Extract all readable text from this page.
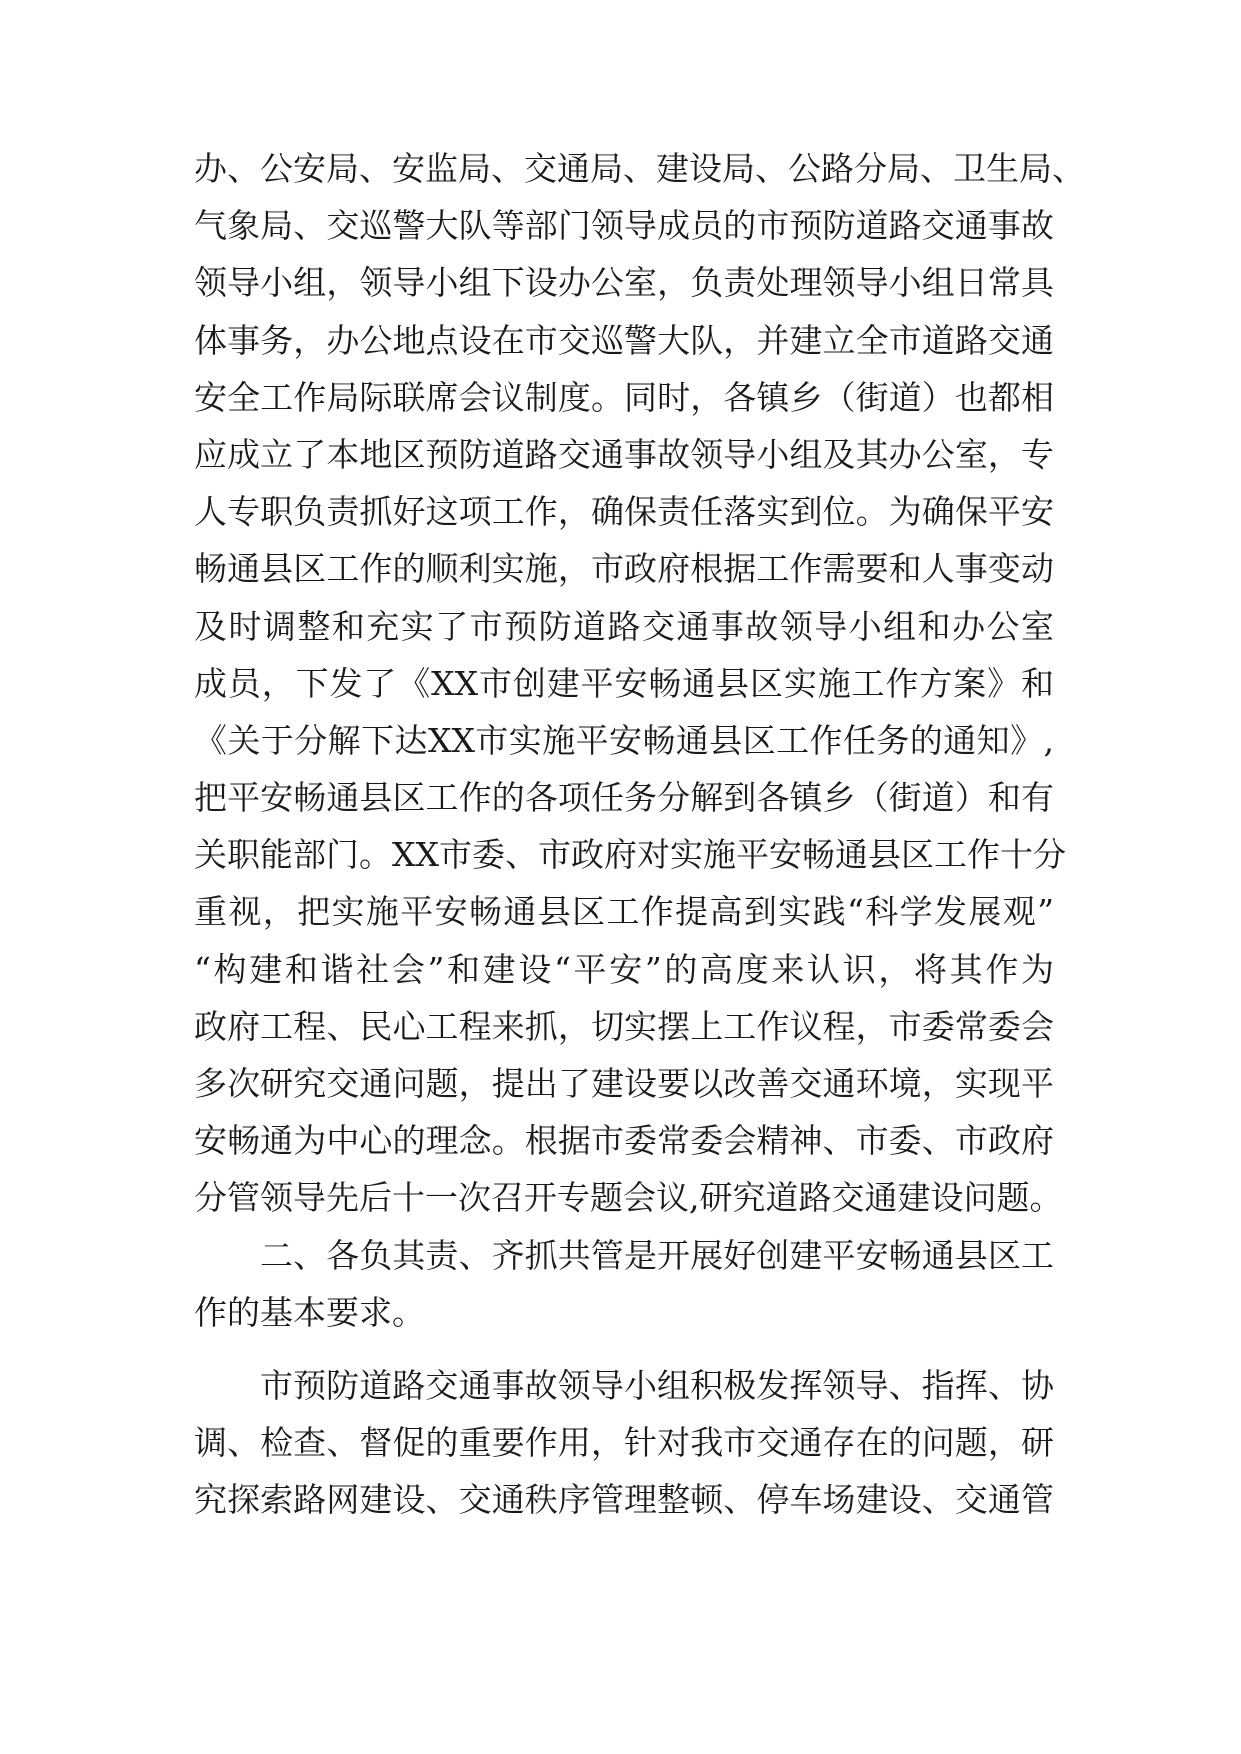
办、公安局、安监局、交通局、建设局、公路分局、卫生局、
气象局、交巡警大队等部门领导成员的市预防道路交通事故
领导小组，领导小组下设办公室，负责处理领导小组日常具
体事务，办公地点设在市交巡警大队，并建立全市道路交通
安全工作局际联席会议制度。同时，各镇乡（街道）也都相
应成立了本地区预防道路交通事故领导小组及其办公室，专
人专职负责抓好这项工作，确保责任落实到位。为确保平安
畅通县区工作的顺利实施，市政府根据工作需要和人事变动
及时调整和充实了市预防道路交通事故领导小组和办公室
成员，下发了《XX市创建平安畅通县区实施工作方案》和
《关于分解下达XX市实施平安畅通县区工作任务的通知》,
把平安畅通县区工作的各项任务分解到各镇乡（街道）和有
关职能部门。XX市委、市政府对实施平安畅通县区工作十分
重视，把实施平安畅通县区工作提高到实践“科学发展观”
“构建和谐社会”和建设“平安”的高度来认识，将其作为
政府工程、民心工程来抓，切实摆上工作议程，市委常委会
多次研究交通问题，提出了建设要以改善交通环境，实现平
安畅通为中心的理念。根据市委常委会精神、市委、市政府
分管领导先后十一次召开专题会议,研究道路交通建设问题。
二、各负其责、齐抓共管是开展好创建平安畅通县区工
作的基本要求。
市预防道路交通事故领导小组积极发挥领导、指挥、协
调、检查、督促的重要作用，针对我市交通存在的问题，研
究探索路网建设、交通秩序管理整顿、停车场建设、交通管
